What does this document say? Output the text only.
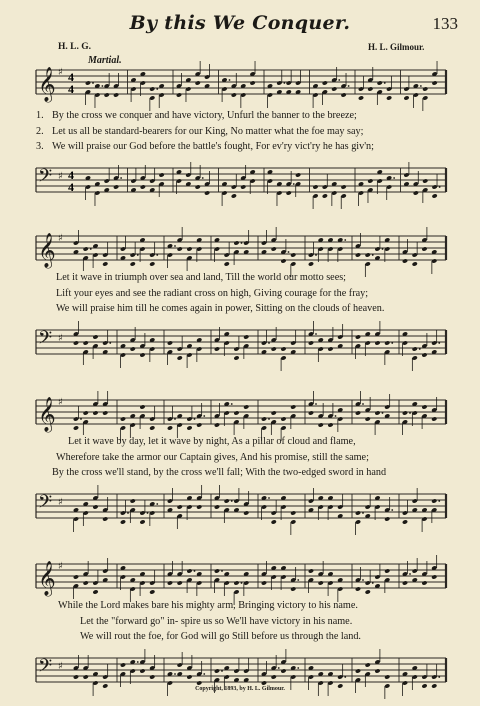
By this We Conquer.	133
H. L. G.	H. L. Gilmour.
Martial.
𝄞 ♯ 4
4
1. By the cross we conquer and have victory, Unfurl the banner to the breeze;
2. Let us all be standard-bearers for our King, No matter what the foe may say;
3. We will praise our God before the battle's fought, For ev'ry vict'ry he has giv'n;
𝄢 ♯ 4
4
𝄞 ♯
Let it wave in triumph over sea and land, Till the world our motto sees;
Lift your eyes and see the radiant cross on high, Giving courage for the fray;
We will praise him till he comes again in power, Sitting on the clouds of heaven.
𝄢 ♯
𝄞 ♯
Let it wave by day, let it wave by night, As a pillar of cloud and flame,
Wherefore take the armor our Captain gives, And his promise, still the same;
By the cross we'll stand, by the cross we'll fall; With the two-edged sword in hand
𝄢 ♯
𝄞 ♯
While the Lord makes bare his mighty arm, Bringing victory to his name.
Let the "forward go" in- spire us so We'll have victory in his name.
We will rout the foe, for God will go Still before us through the land.
𝄢 ♯
Copyright, 1893, by H. L. Gilmour.
